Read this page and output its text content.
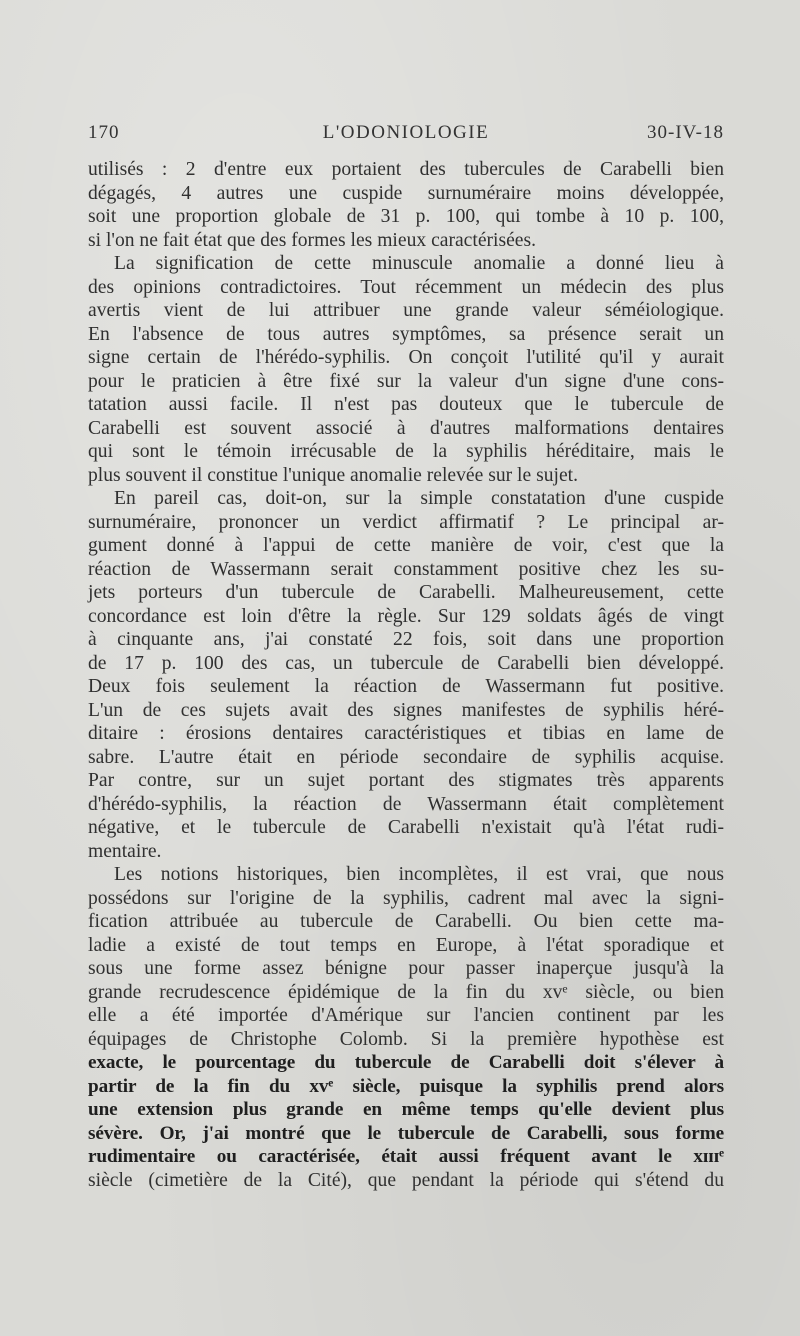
170	L'ODONIOLOGIE	30-IV-18
utilisés : 2 d'entre eux portaient des tubercules de Carabelli bien
dégagés, 4 autres une cuspide surnuméraire moins développée,
soit une proportion globale de 31 p. 100, qui tombe à 10 p. 100,
si l'on ne fait état que des formes les mieux caractérisées.
La signification de cette minuscule anomalie a donné lieu à
des opinions contradictoires. Tout récemment un médecin des plus
avertis vient de lui attribuer une grande valeur séméiologique.
En l'absence de tous autres symptômes, sa présence serait un
signe certain de l'hérédo-syphilis. On conçoit l'utilité qu'il y aurait
pour le praticien à être fixé sur la valeur d'un signe d'une cons-
tatation aussi facile. Il n'est pas douteux que le tubercule de
Carabelli est souvent associé à d'autres malformations dentaires
qui sont le témoin irrécusable de la syphilis héréditaire, mais le
plus souvent il constitue l'unique anomalie relevée sur le sujet.
En pareil cas, doit-on, sur la simple constatation d'une cuspide
surnuméraire, prononcer un verdict affirmatif ? Le principal ar-
gument donné à l'appui de cette manière de voir, c'est que la
réaction de Wassermann serait constamment positive chez les su-
jets porteurs d'un tubercule de Carabelli. Malheureusement, cette
concordance est loin d'être la règle. Sur 129 soldats âgés de vingt
à cinquante ans, j'ai constaté 22 fois, soit dans une proportion
de 17 p. 100 des cas, un tubercule de Carabelli bien développé.
Deux fois seulement la réaction de Wassermann fut positive.
L'un de ces sujets avait des signes manifestes de syphilis héré-
ditaire : érosions dentaires caractéristiques et tibias en lame de
sabre. L'autre était en période secondaire de syphilis acquise.
Par contre, sur un sujet portant des stigmates très apparents
d'hérédo-syphilis, la réaction de Wassermann était complètement
négative, et le tubercule de Carabelli n'existait qu'à l'état rudi-
mentaire.
Les notions historiques, bien incomplètes, il est vrai, que nous
possédons sur l'origine de la syphilis, cadrent mal avec la signi-
fication attribuée au tubercule de Carabelli. Ou bien cette ma-
ladie a existé de tout temps en Europe, à l'état sporadique et
sous une forme assez bénigne pour passer inaperçue jusqu'à la
grande recrudescence épidémique de la fin du xvᵉ siècle, ou bien
elle a été importée d'Amérique sur l'ancien continent par les
équipages de Christophe Colomb. Si la première hypothèse est
exacte, le pourcentage du tubercule de Carabelli doit s'élever à
partir de la fin du xvᵉ siècle, puisque la syphilis prend alors
une extension plus grande en même temps qu'elle devient plus
sévère. Or, j'ai montré que le tubercule de Carabelli, sous forme
rudimentaire ou caractérisée, était aussi fréquent avant le xɪɪɪᵉ
siècle (cimetière de la Cité), que pendant la période qui s'étend du
